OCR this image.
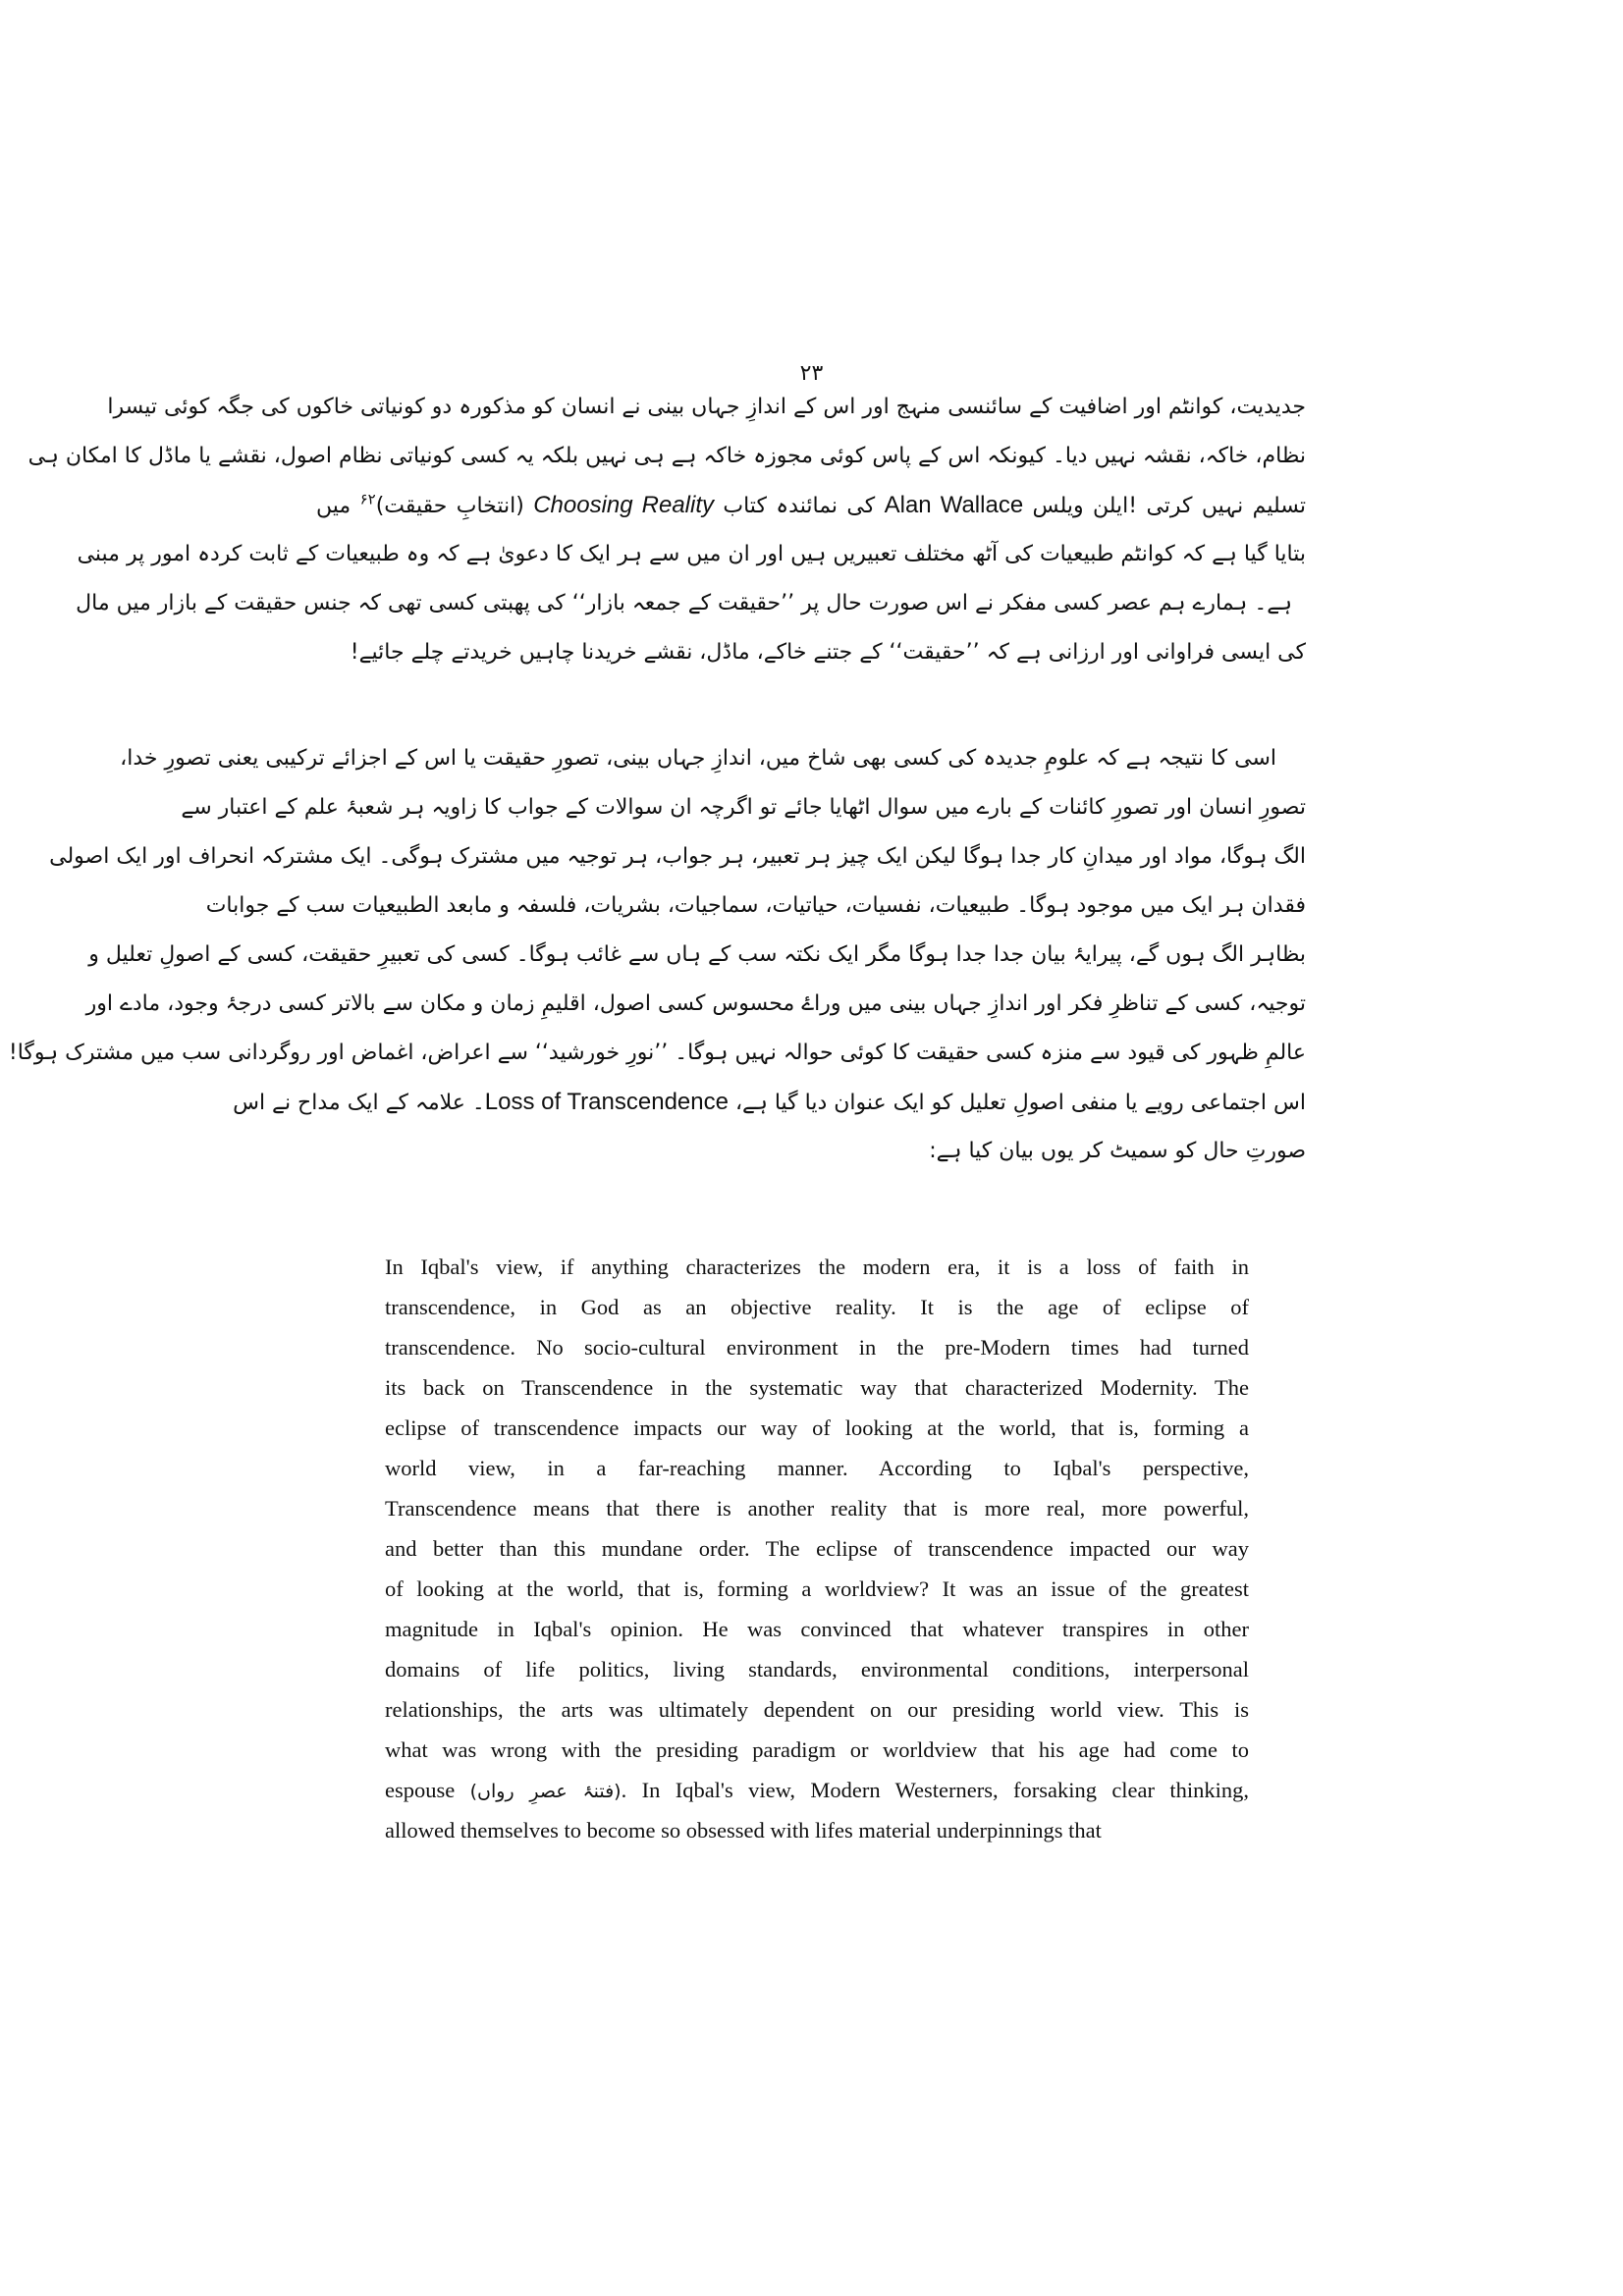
۲۳
جدیدیت، کوانٹم اور اضافیت کے سائنسی منہج اور اس کے اندازِ جہاں بینی نے انسان کو مذکورہ دو کونیاتی خاکوں کی جگہ کوئی تیسرا
نظام، خاکہ، نقشہ نہیں دیا۔ کیونکہ اس کے پاس کوئی مجوزہ خاکہ ہے ہی نہیں بلکہ یہ کسی کونیاتی نظام اصول، نقشے یا ماڈل کا امکان ہی
تسلیم نہیں کرتی !ایلن ویلس Alan Wallace کی نمائندہ کتاب Choosing Reality (انتخابِ حقیقت)$^{۶۲}$ میں
بتایا گیا ہے کہ کوانٹم طبیعیات کی آٹھ مختلف تعبیریں ہیں اور ان میں سے ہر ایک کا دعویٰ ہے کہ وہ طبیعیات کے ثابت کردہ امور پر مبنی
ہے۔ ہمارے ہم عصر کسی مفکر نے اس صورت حال پر ’’حقیقت کے جمعہ بازار‘‘ کی پھبتی کسی تھی کہ جنس حقیقت کے بازار میں مال
کی ایسی فراوانی اور ارزانی ہے کہ ’’حقیقت‘‘ کے جتنے خاکے، ماڈل، نقشے خریدنا چاہیں خریدتے چلے جائیے!
اسی کا نتیجہ ہے کہ علومِ جدیدہ کی کسی بھی شاخ میں، اندازِ جہاں بینی، تصورِ حقیقت یا اس کے اجزائے ترکیبی یعنی تصورِ خدا،
تصورِ انسان اور تصورِ کائنات کے بارے میں سوال اٹھایا جائے تو اگرچہ ان سوالات کے جواب کا زاویہ ہر شعبۂ علم کے اعتبار سے
الگ ہوگا، مواد اور میدانِ کار جدا ہوگا لیکن ایک چیز ہر تعبیر، ہر جواب، ہر توجیہ میں مشترک ہوگی۔ ایک مشترکہ انحراف اور ایک اصولی
فقدان ہر ایک میں موجود ہوگا۔ طبیعیات، نفسیات، حیاتیات، سماجیات، بشریات، فلسفہ و مابعد الطبیعیات سب کے جوابات
بظاہر الگ ہوں گے، پیرایۂ بیان جدا جدا ہوگا مگر ایک نکتہ سب کے ہاں سے غائب ہوگا۔ کسی کی تعبیرِ حقیقت، کسی کے اصولِ تعلیل و
توجیہ، کسی کے تناظرِ فکر اور اندازِ جہاں بینی میں وراۓ محسوس کسی اصول، اقلیمِ زمان و مکان سے بالاتر کسی درجۂ وجود، مادے اور
عالمِ ظہور کی قیود سے منزہ کسی حقیقت کا کوئی حوالہ نہیں ہوگا۔ ’’نورِ خورشید‘‘ سے اعراض، اغماض اور روگردانی سب میں مشترک ہوگا!
اس اجتماعی رویے یا منفی اصولِ تعلیل کو ایک عنوان دیا گیا ہے، Loss of Transcendence۔ علامہ کے ایک مداح نے اس
صورتِ حال کو سمیٹ کر یوں بیان کیا ہے:
In Iqbal's view, if anything characterizes the modern era, it is a loss of faith in
transcendence, in God as an objective reality. It is the age of eclipse of
transcendence. No socio-cultural environment in the pre-Modern times had turned
its back on Transcendence in the systematic way that characterized Modernity. The
eclipse of transcendence impacts our way of looking at the world, that is, forming a
world view, in a far-reaching manner. According to Iqbal's perspective,
Transcendence means that there is another reality that is more real, more powerful,
and better than this mundane order. The eclipse of transcendence impacted our way
of looking at the world, that is, forming a worldview? It was an issue of the greatest
magnitude in Iqbal's opinion. He was convinced that whatever transpires in other
domains of life politics, living standards, environmental conditions, interpersonal
relationships, the arts was ultimately dependent on our presiding world view. This is
what was wrong with the presiding paradigm or worldview that his age had come to
espouse (فتنۂ عصرِ رواں). In Iqbal's view, Modern Westerners, forsaking clear thinking,
allowed themselves to become so obsessed with lifes material underpinnings that
